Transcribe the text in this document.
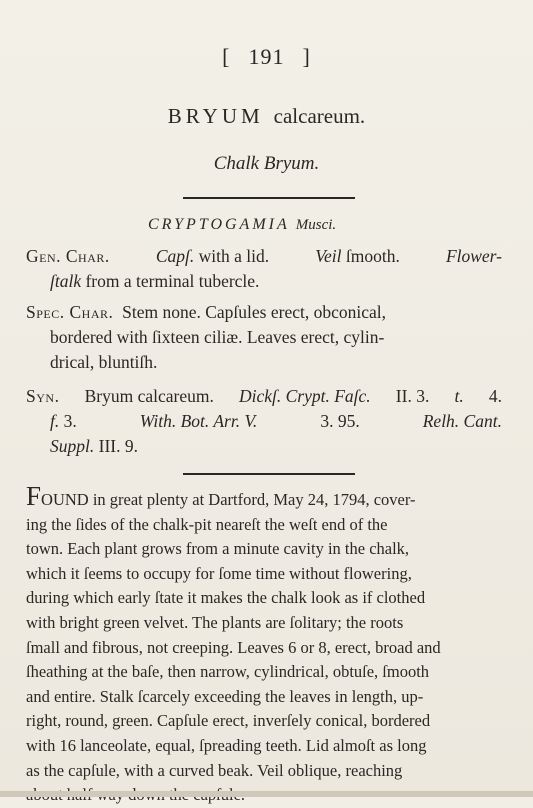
[ 191 ]
BRYUM calcareum.
Chalk Bryum.
CRYPTOGAMIA Musci.
Gen. Char.	Capſ. with a lid.	Veil ſmooth.	Flower-
ſtalk from a terminal tubercle.
Spec. Char. Stem none. Capſules erect, obconical,
bordered with ſixteen ciliæ. Leaves erect, cylin-
drical, bluntiſh.
Syn. Bryum calcareum. Dickſ. Crypt. Faſc. II. 3. t. 4.
f. 3.	With. Bot. Arr. V.	3. 95.	Relh. Cant.
Suppl. III. 9.
FOUND in great plenty at Dartford, May 24, 1794, cover-
ing the ſides of the chalk-pit neareſt the weſt end of the
town. Each plant grows from a minute cavity in the chalk,
which it ſeems to occupy for ſome time without flowering,
during which early ſtate it makes the chalk look as if clothed
with bright green velvet. The plants are ſolitary; the roots
ſmall and fibrous, not creeping. Leaves 6 or 8, erect, broad and
ſheathing at the baſe, then narrow, cylindrical, obtuſe, ſmooth
and entire. Stalk ſcarcely exceeding the leaves in length, up-
right, round, green. Capſule erect, inverſely conical, bordered
with 16 lanceolate, equal, ſpreading teeth. Lid almoſt as long
as the capſule, with a curved beak. Veil oblique, reaching
